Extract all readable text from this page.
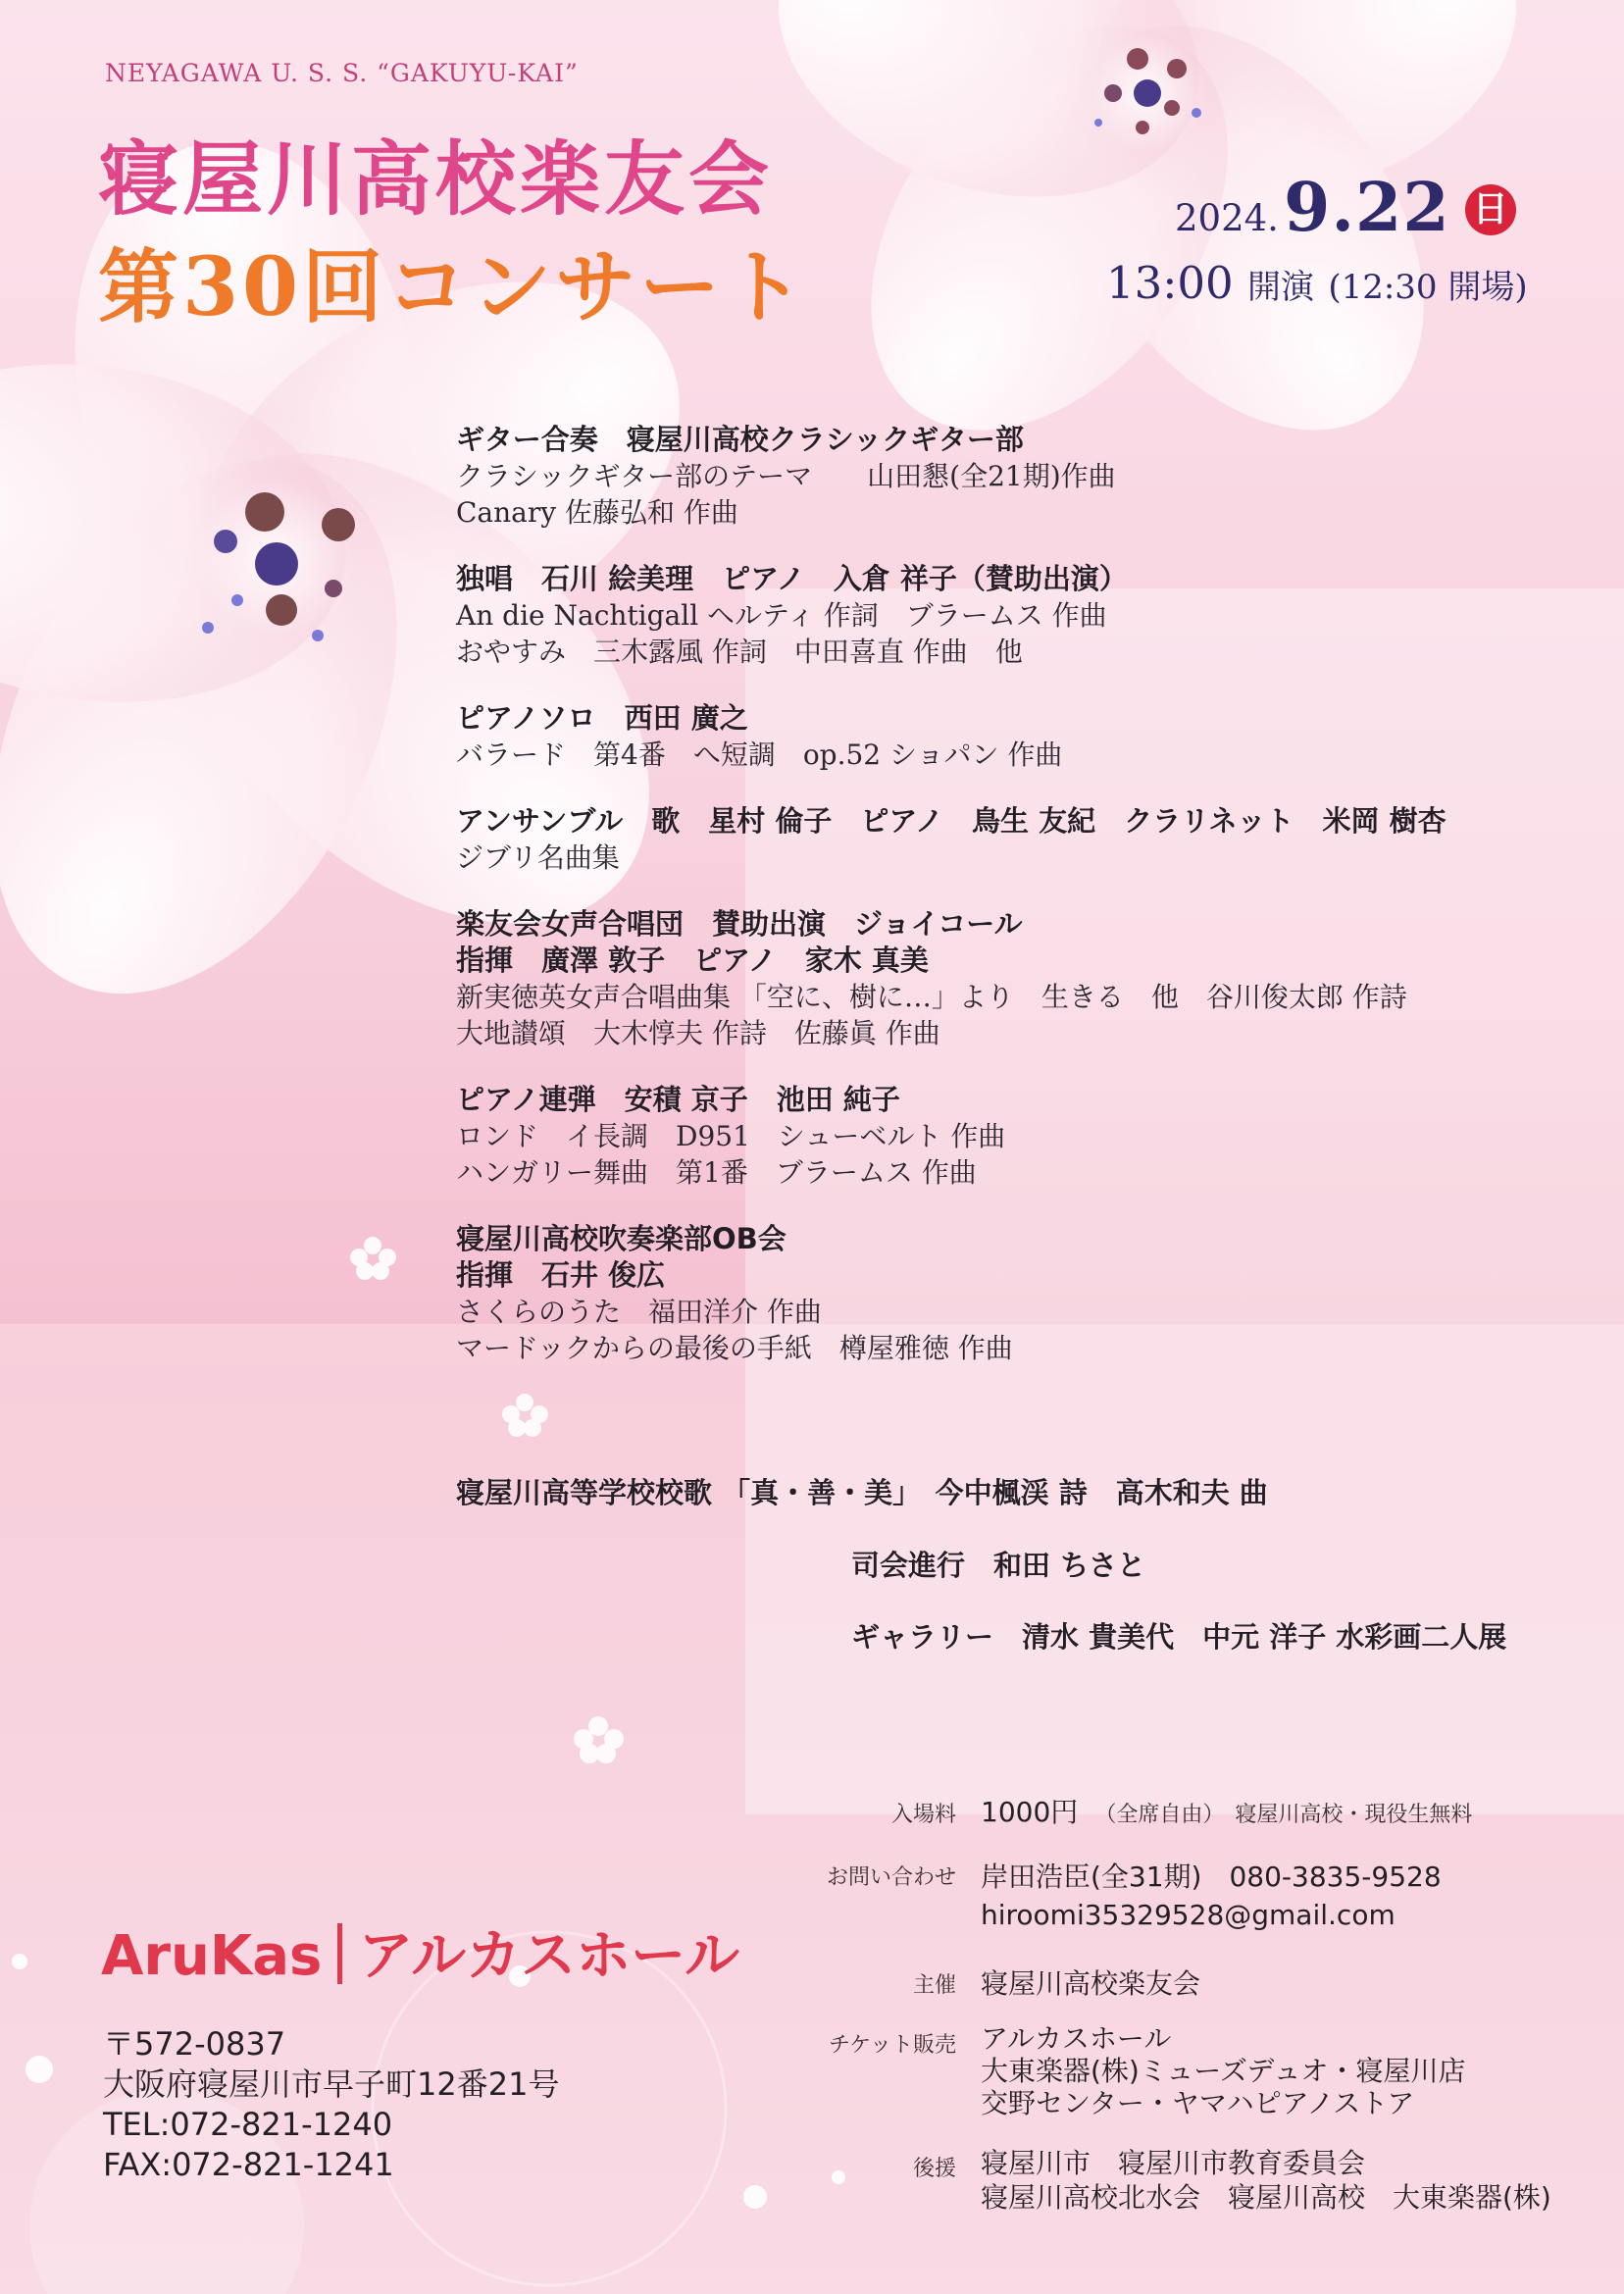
NEYAGAWA U. S. S. “GAKUYU-KAI”
寝屋川高校楽友会
第30回コンサート
2024. 9.22 日
13:00 開演 (12:30 開場)
ギター合奏　寝屋川高校クラシックギター部
クラシックギター部のテーマ　　山田懇(全21期)作曲
Canary 佐藤弘和 作曲
独唱　石川 絵美理　ピアノ　入倉 祥子（賛助出演）
An die Nachtigall ヘルティ 作詞　ブラームス 作曲
おやすみ　三木露風 作詞　中田喜直 作曲　他
ピアノソロ　西田 廣之
バラード　第4番　へ短調　op.52 ショパン 作曲
アンサンブル　歌　星村 倫子　ピアノ　鳥生 友紀　クラリネット　米岡 樹杏
ジブリ名曲集
楽友会女声合唱団　賛助出演　ジョイコール
指揮　廣澤 敦子　ピアノ　家木 真美
新実徳英女声合唱曲集 「空に、樹に…」より　生きる　他　谷川俊太郎 作詩
大地讃頌　大木惇夫 作詩　佐藤眞 作曲
ピアノ連弾　安積 京子　池田 純子
ロンド　イ長調　D951　シューベルト 作曲
ハンガリー舞曲　第1番　ブラームス 作曲
寝屋川高校吹奏楽部OB会
指揮　石井 俊広
さくらのうた　福田洋介 作曲
マードックからの最後の手紙　樽屋雅徳 作曲
寝屋川高等学校校歌 「真・善・美」　今中楓渓 詩　高木和夫 曲
司会進行　和田 ちさと
ギャラリー　清水 貴美代　中元 洋子 水彩画二人展
入場料 1000円 （全席自由）　寝屋川高校・現役生無料
お問い合わせ 岸田浩臣(全31期)　080-3835-9528
hiroomi35329528@gmail.com
主催 寝屋川高校楽友会
チケット販売 アルカスホール
大東楽器(株)ミューズデュオ・寝屋川店
交野センター・ヤマハピアノストア
後援 寝屋川市　寝屋川市教育委員会
寝屋川高校北水会　寝屋川高校　大東楽器(株)
AruKas アルカスホール
〒572-0837
大阪府寝屋川市早子町12番21号
TEL:072-821-1240
FAX:072-821-1241
